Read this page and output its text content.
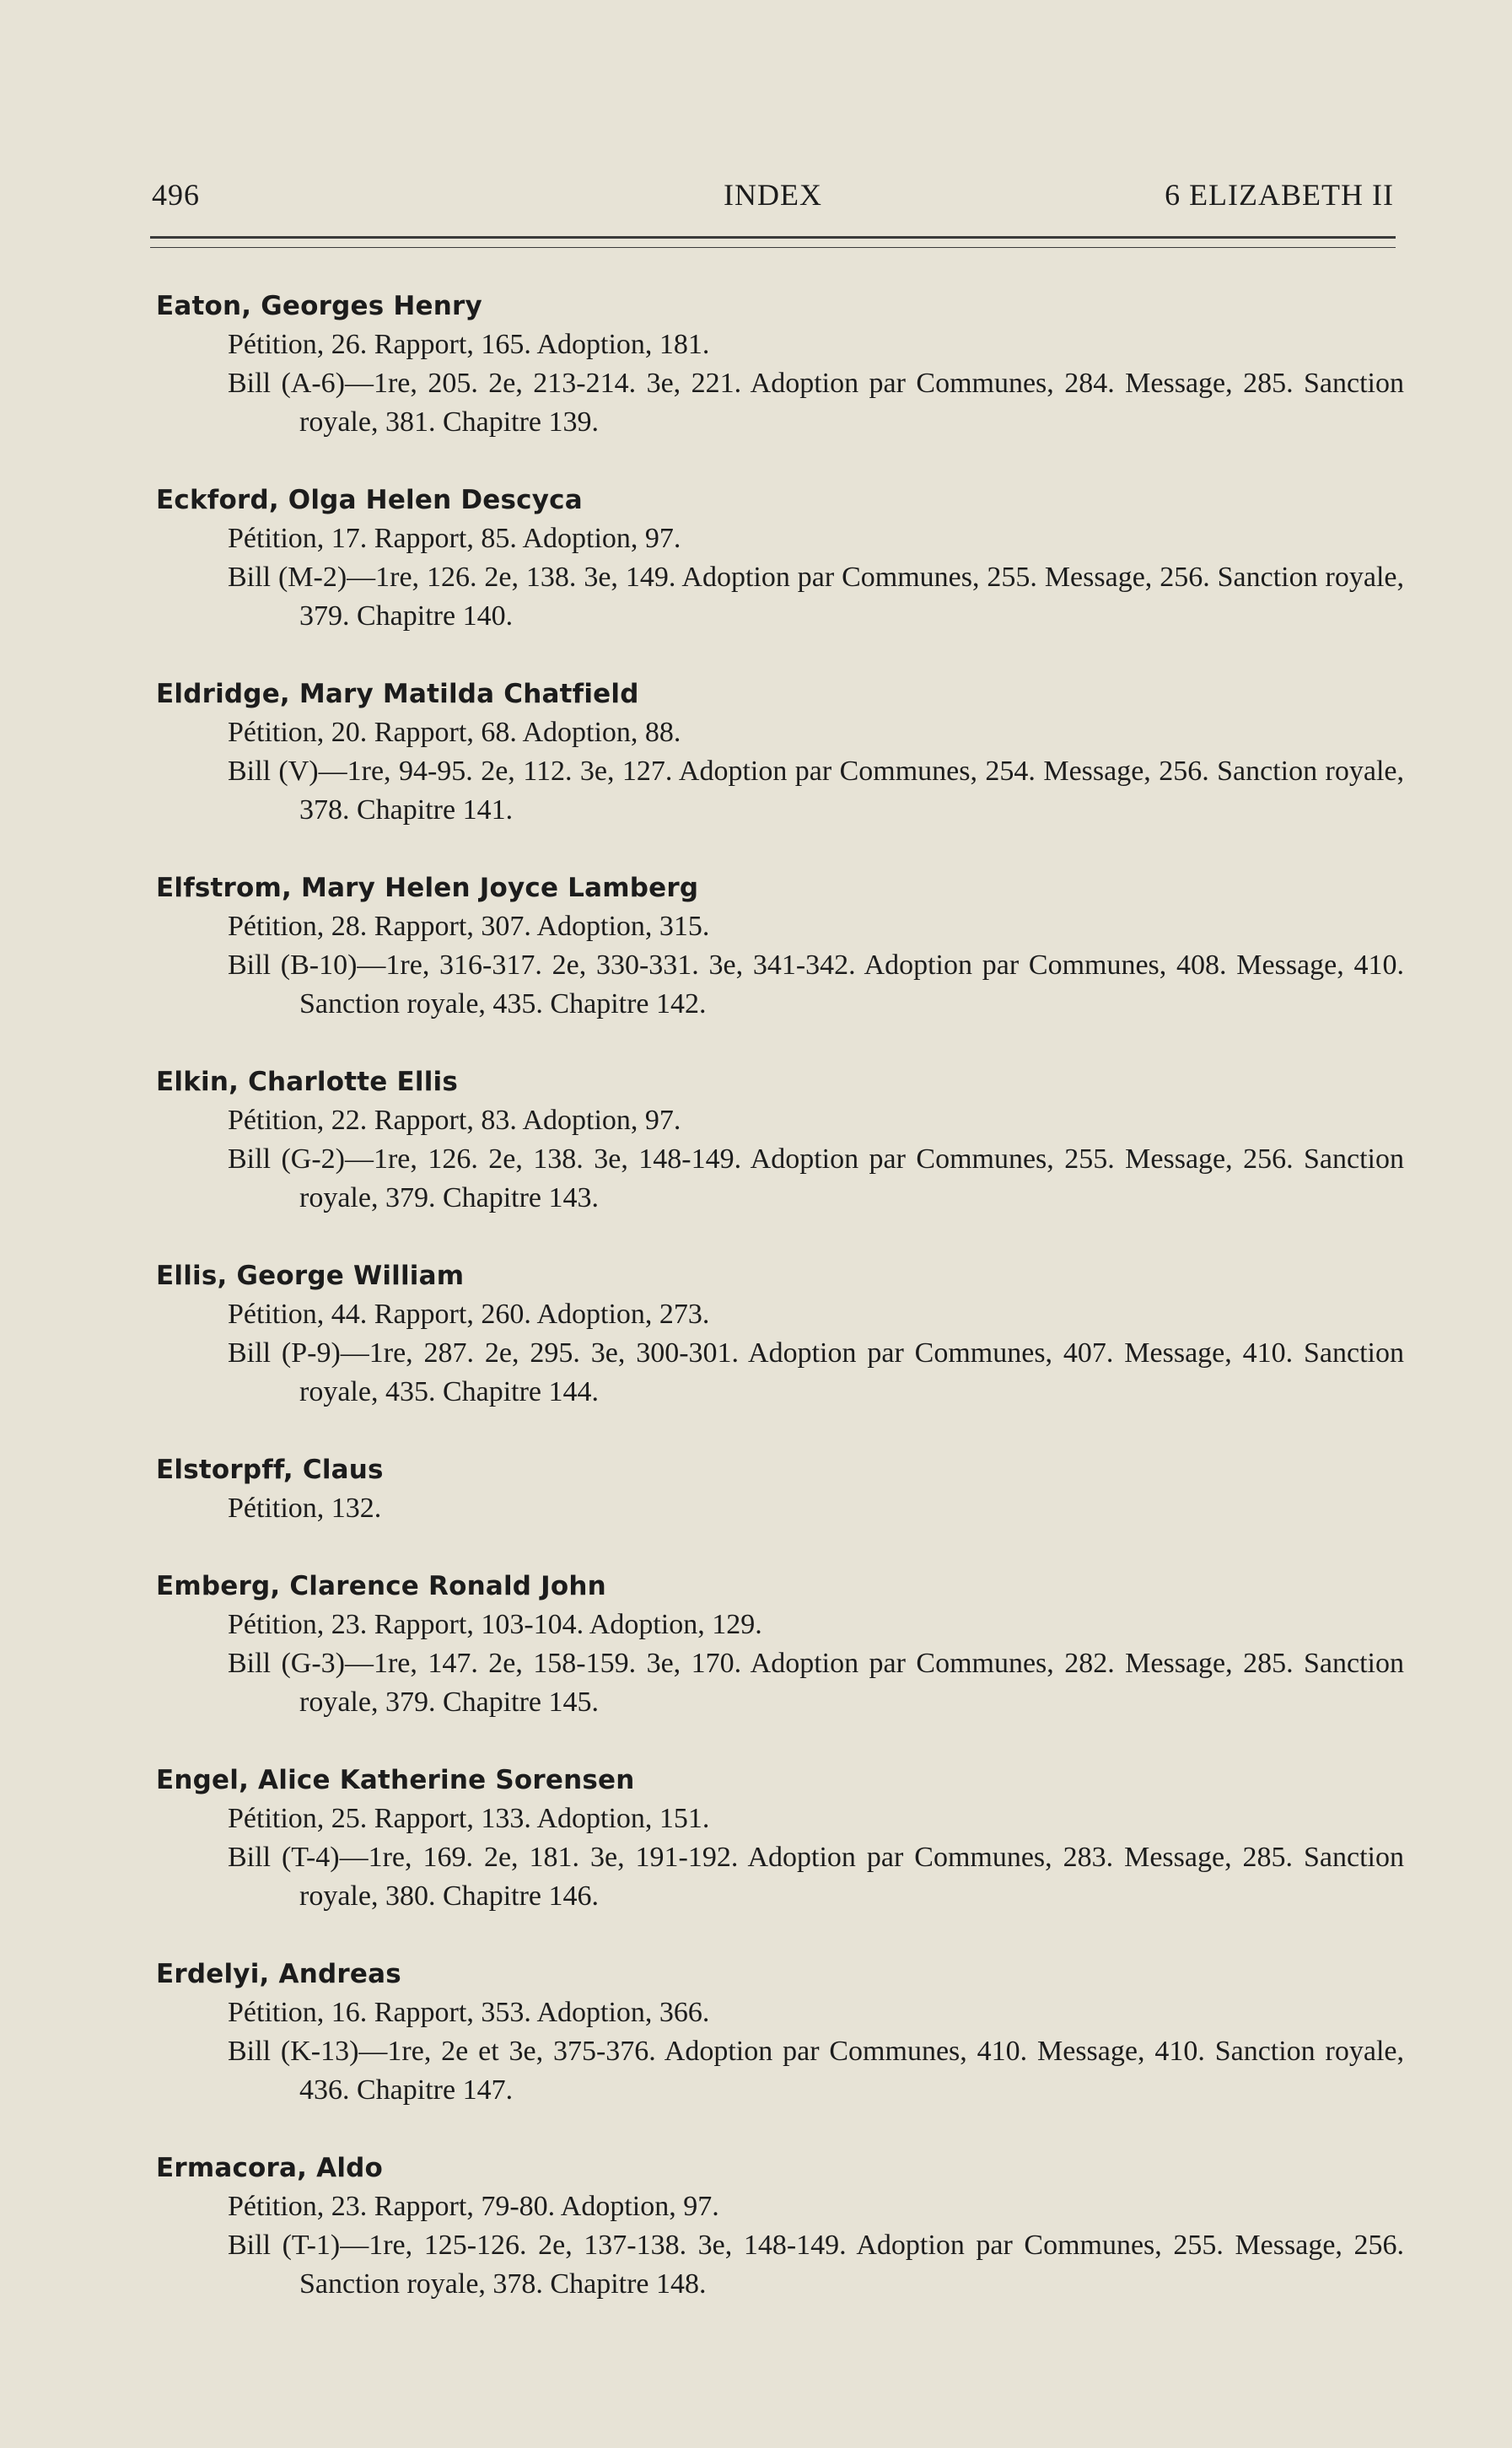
496	INDEX	6 ELIZABETH II
Eaton, Georges Henry
Pétition, 26. Rapport, 165. Adoption, 181.
Bill (A-6)—1re, 205. 2e, 213-214. 3e, 221. Adoption par Communes, 284. Message, 285. Sanction royale, 381. Chapitre 139.
Eckford, Olga Helen Descyca
Pétition, 17. Rapport, 85. Adoption, 97.
Bill (M-2)—1re, 126. 2e, 138. 3e, 149. Adoption par Communes, 255. Message, 256. Sanction royale, 379. Chapitre 140.
Eldridge, Mary Matilda Chatfield
Pétition, 20. Rapport, 68. Adoption, 88.
Bill (V)—1re, 94-95. 2e, 112. 3e, 127. Adoption par Communes, 254. Message, 256. Sanction royale, 378. Chapitre 141.
Elfstrom, Mary Helen Joyce Lamberg
Pétition, 28. Rapport, 307. Adoption, 315.
Bill (B-10)—1re, 316-317. 2e, 330-331. 3e, 341-342. Adoption par Communes, 408. Message, 410. Sanction royale, 435. Chapitre 142.
Elkin, Charlotte Ellis
Pétition, 22. Rapport, 83. Adoption, 97.
Bill (G-2)—1re, 126. 2e, 138. 3e, 148-149. Adoption par Communes, 255. Message, 256. Sanction royale, 379. Chapitre 143.
Ellis, George William
Pétition, 44. Rapport, 260. Adoption, 273.
Bill (P-9)—1re, 287. 2e, 295. 3e, 300-301. Adoption par Communes, 407. Message, 410. Sanction royale, 435. Chapitre 144.
Elstorpff, Claus
Pétition, 132.
Emberg, Clarence Ronald John
Pétition, 23. Rapport, 103-104. Adoption, 129.
Bill (G-3)—1re, 147. 2e, 158-159. 3e, 170. Adoption par Communes, 282. Message, 285. Sanction royale, 379. Chapitre 145.
Engel, Alice Katherine Sorensen
Pétition, 25. Rapport, 133. Adoption, 151.
Bill (T-4)—1re, 169. 2e, 181. 3e, 191-192. Adoption par Communes, 283. Message, 285. Sanction royale, 380. Chapitre 146.
Erdelyi, Andreas
Pétition, 16. Rapport, 353. Adoption, 366.
Bill (K-13)—1re, 2e et 3e, 375-376. Adoption par Communes, 410. Message, 410. Sanction royale, 436. Chapitre 147.
Ermacora, Aldo
Pétition, 23. Rapport, 79-80. Adoption, 97.
Bill (T-1)—1re, 125-126. 2e, 137-138. 3e, 148-149. Adoption par Communes, 255. Message, 256. Sanction royale, 378. Chapitre 148.
